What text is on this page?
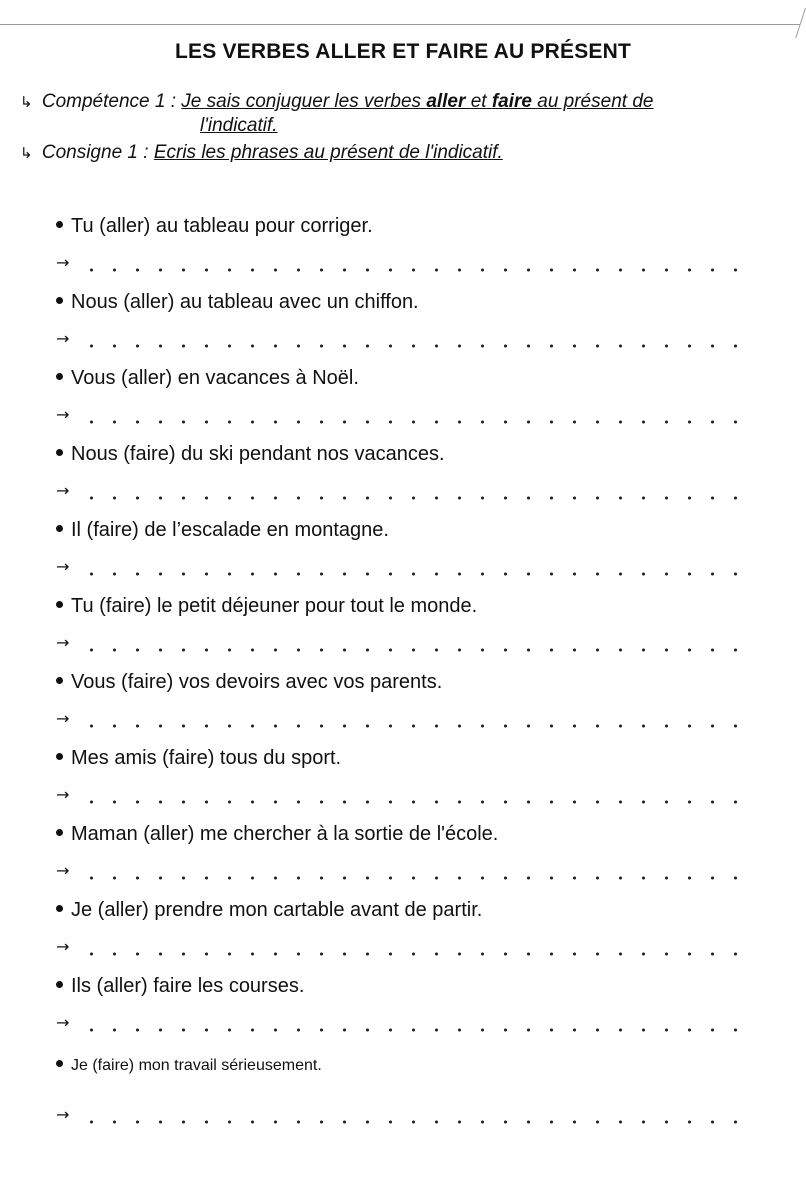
LES VERBES ALLER ET FAIRE AU PRÉSENT
↳ Compétence 1 : Je sais conjuguer les verbes aller et faire au présent de
l'indicatif.
↳ Consigne 1 : Ecris les phrases au présent de l'indicatif.
Tu (aller) au tableau pour corriger.
→
Nous (aller) au tableau avec un chiffon.
→
Vous (aller) en vacances à Noël.
→
Nous (faire) du ski pendant nos vacances.
→
Il (faire) de l’escalade en montagne.
→
Tu (faire) le petit déjeuner pour tout le monde.
→
Vous (faire) vos devoirs avec vos parents.
→
Mes amis (faire) tous du sport.
→
Maman (aller) me chercher à la sortie de l'école.
→
Je (aller) prendre mon cartable avant de partir.
→
Ils (aller) faire les courses.
→
Je (faire) mon travail sérieusement.
→
